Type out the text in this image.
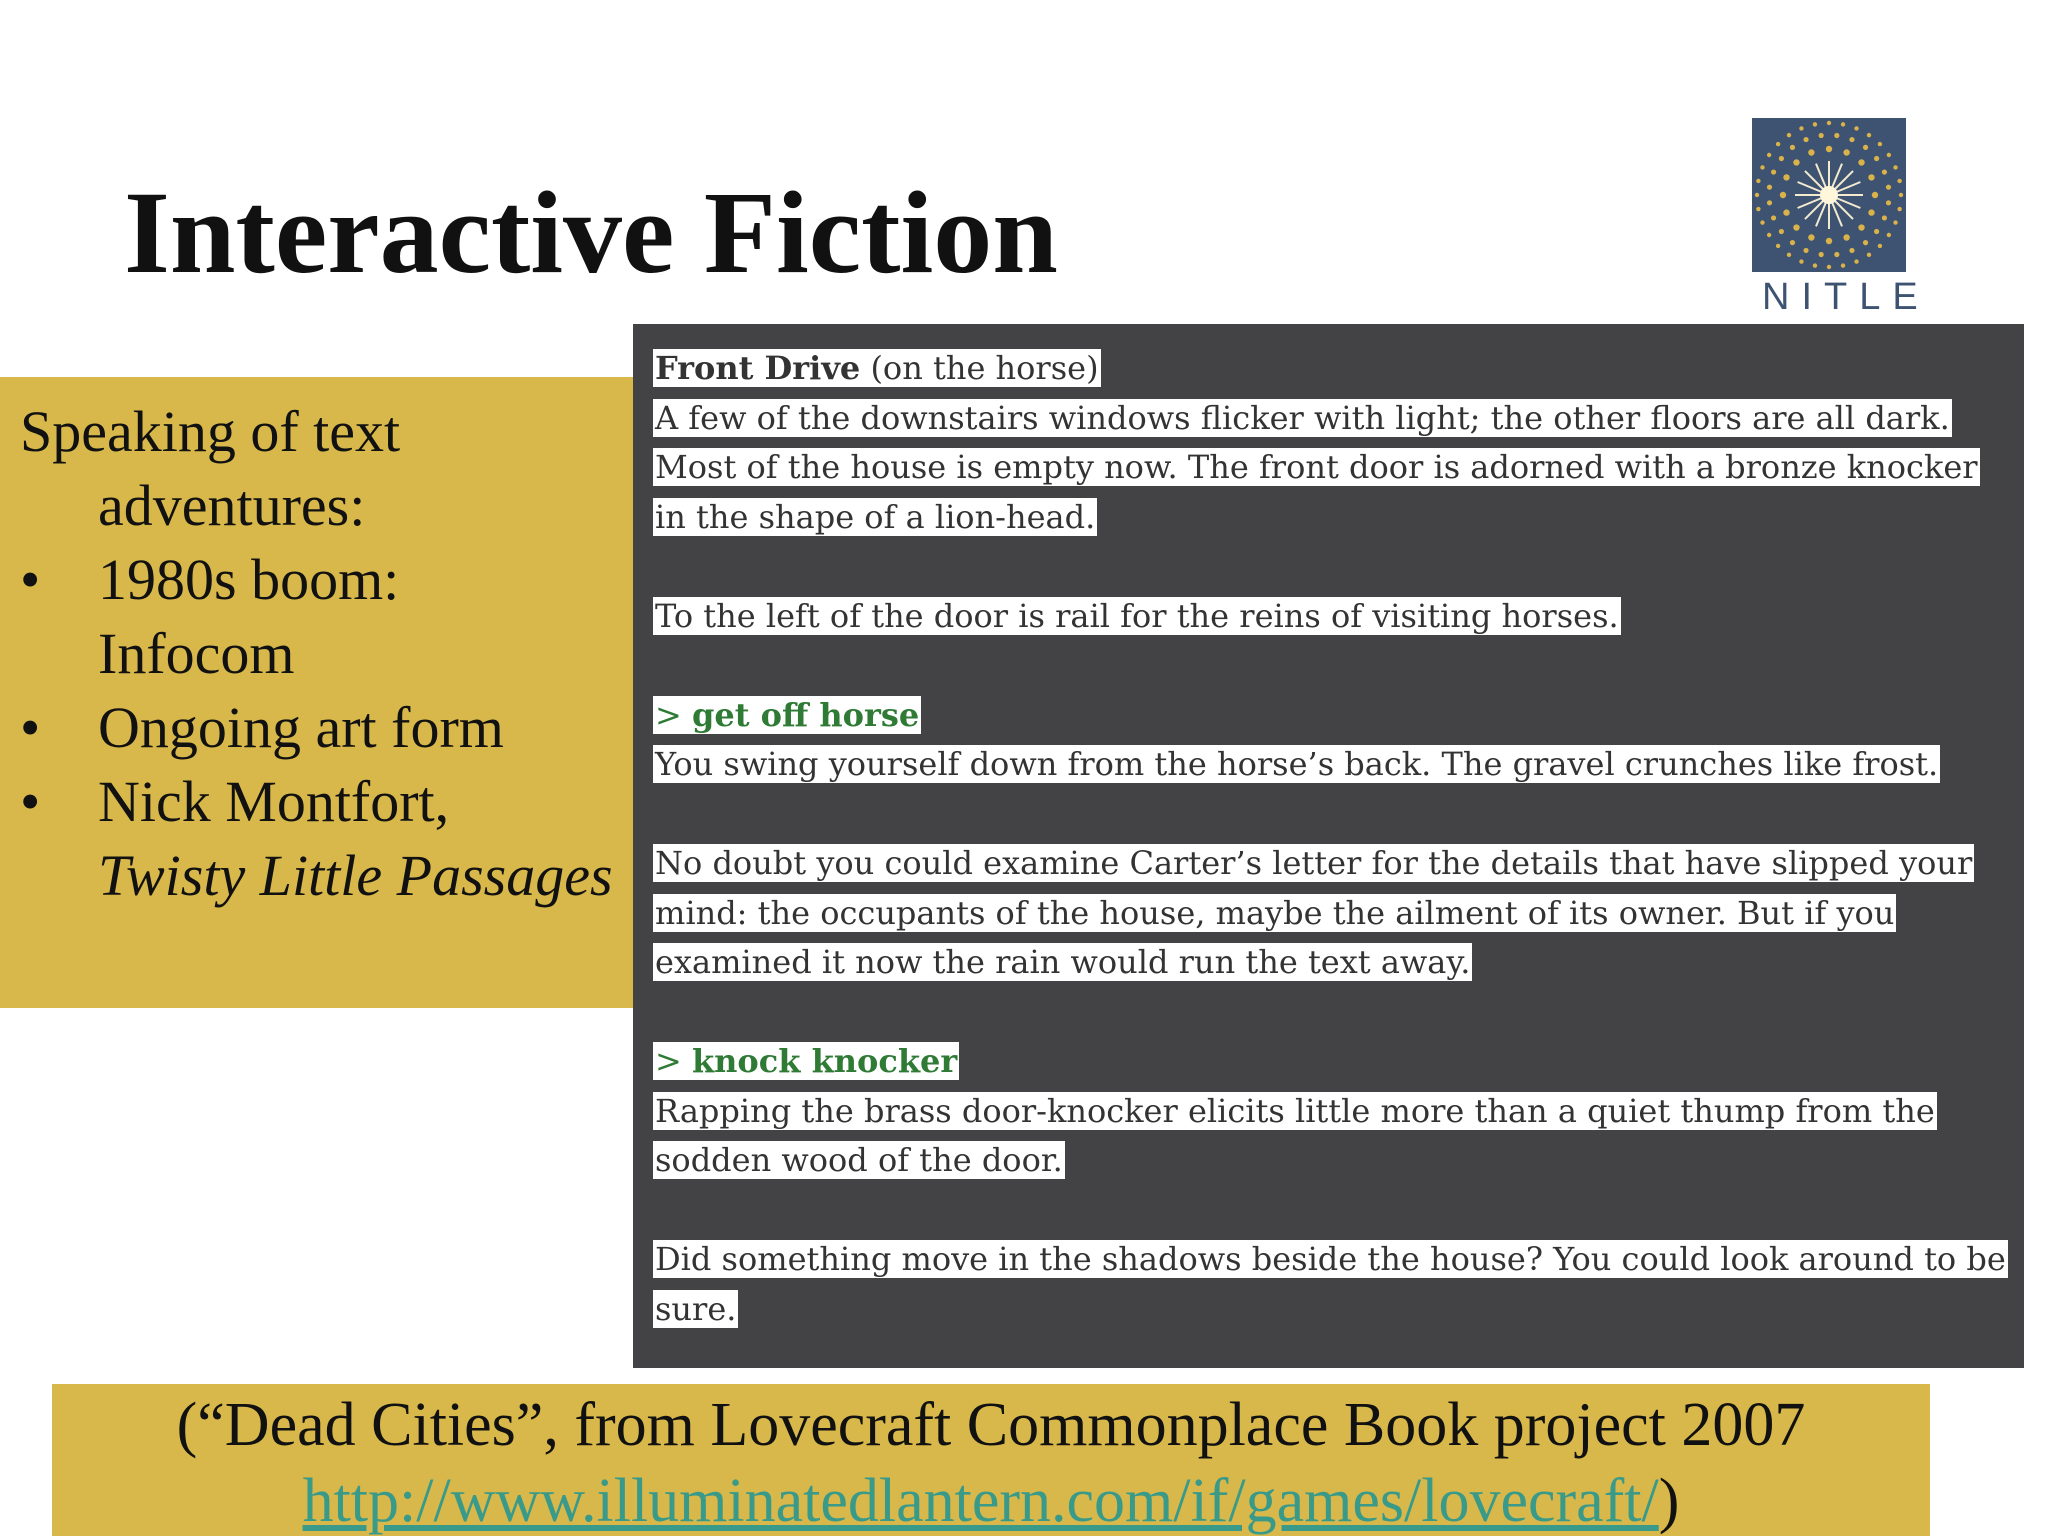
Interactive Fiction	NITLE
Speaking of text
adventures:
• 1980s boom:
Infocom
• Ongoing art form
• Nick Montfort,
Twisty Little Passages
Front Drive (on the horse)
A few of the downstairs windows flicker with light; the other floors are all dark. Most of the house is empty now. The front door is adorned with a bronze knocker in the shape of a lion-head.
To the left of the door is rail for the reins of visiting horses.
> get off horse
You swing yourself down from the horse’s back. The gravel crunches like frost.
No doubt you could examine Carter’s letter for the details that have slipped your mind: the occupants of the house, maybe the ailment of its owner. But if you examined it now the rain would run the text away.
> knock knocker
Rapping the brass door-knocker elicits little more than a quiet thump from the sodden wood of the door.
Did something move in the shadows beside the house? You could look around to be sure.
(“Dead Cities”, from Lovecraft Commonplace Book project 2007
http://www.illuminatedlantern.com/if/games/lovecraft/)
